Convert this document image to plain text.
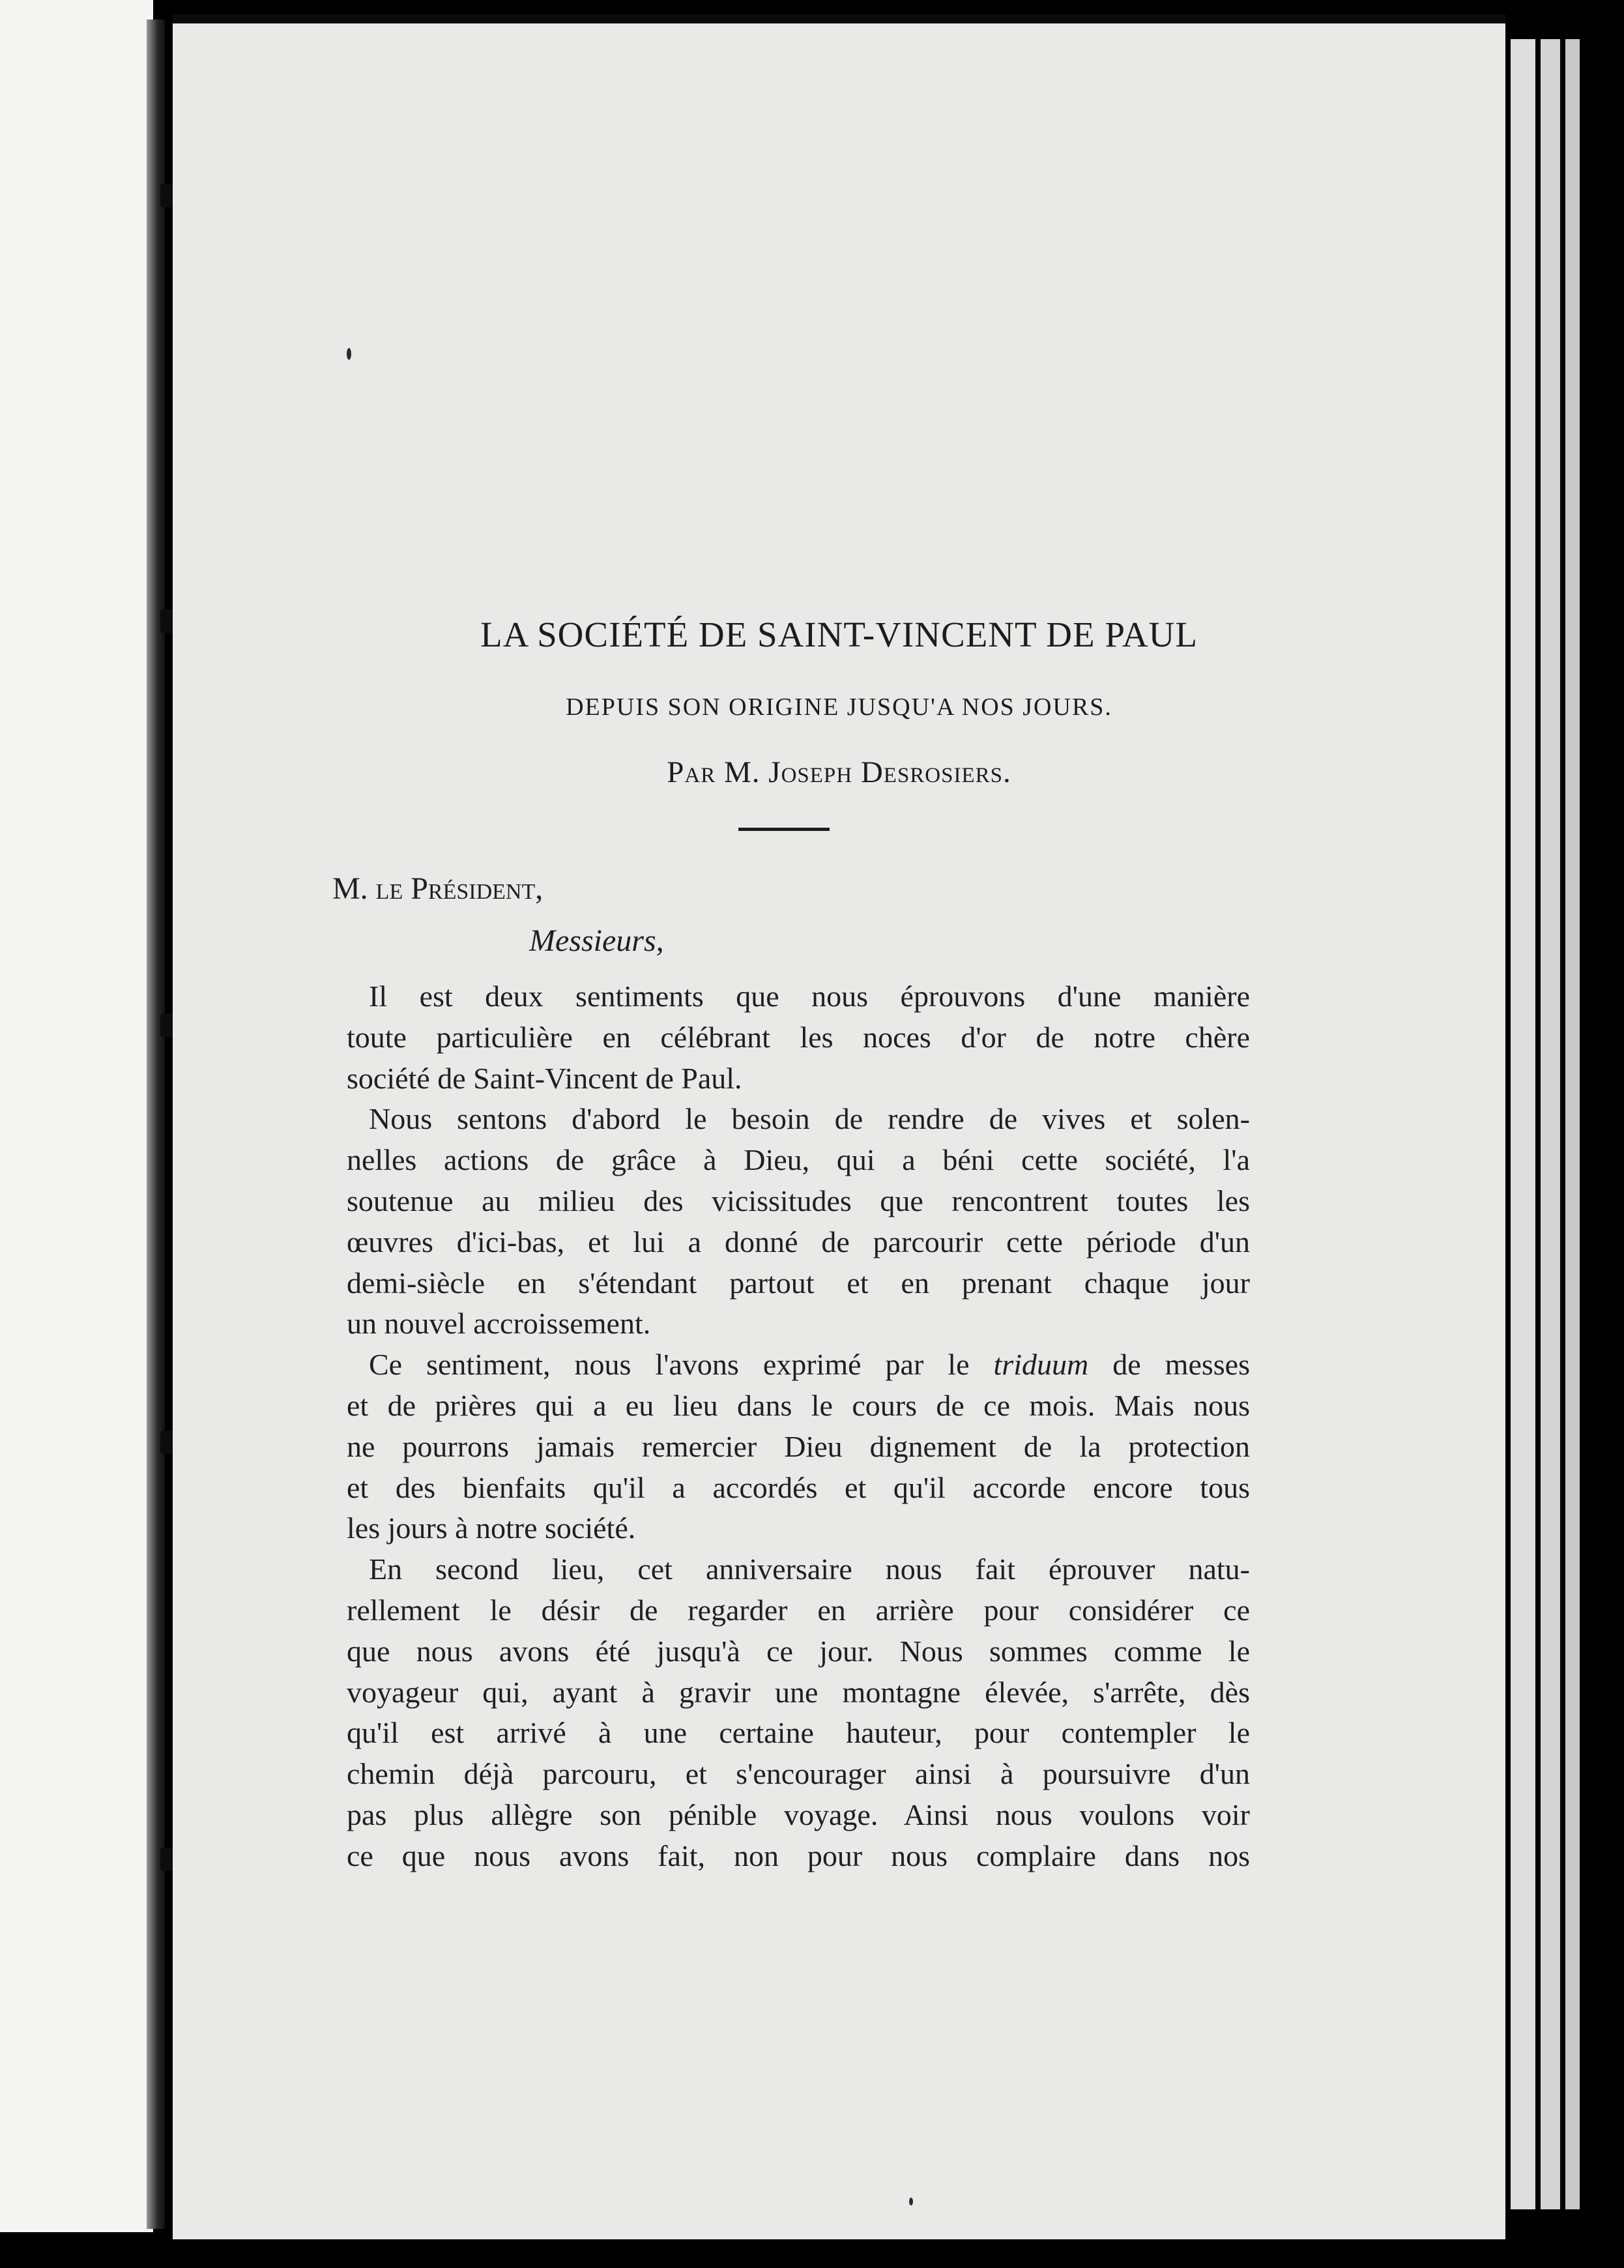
LA SOCIÉTÉ DE SAINT-VINCENT DE PAUL
DEPUIS SON ORIGINE JUSQU'A NOS JOURS.
Par M. Joseph Desrosiers.
M. le Président,
Messieurs,
Il est deux sentiments que nous éprouvons d'une manière
toute particulière en célébrant les noces d'or de notre chère
société de Saint-Vincent de Paul.
Nous sentons d'abord le besoin de rendre de vives et solen-
nelles actions de grâce à Dieu, qui a béni cette société, l'a
soutenue au milieu des vicissitudes que rencontrent toutes les
œuvres d'ici-bas, et lui a donné de parcourir cette période d'un
demi-siècle en s'étendant partout et en prenant chaque jour
un nouvel accroissement.
Ce sentiment, nous l'avons exprimé par le triduum de messes
et de prières qui a eu lieu dans le cours de ce mois. Mais nous
ne pourrons jamais remercier Dieu dignement de la protection
et des bienfaits qu'il a accordés et qu'il accorde encore tous
les jours à notre société.
En second lieu, cet anniversaire nous fait éprouver natu-
rellement le désir de regarder en arrière pour considérer ce
que nous avons été jusqu'à ce jour. Nous sommes comme le
voyageur qui, ayant à gravir une montagne élevée, s'arrête, dès
qu'il est arrivé à une certaine hauteur, pour contempler le
chemin déjà parcouru, et s'encourager ainsi à poursuivre d'un
pas plus allègre son pénible voyage. Ainsi nous voulons voir
ce que nous avons fait, non pour nous complaire dans nos
